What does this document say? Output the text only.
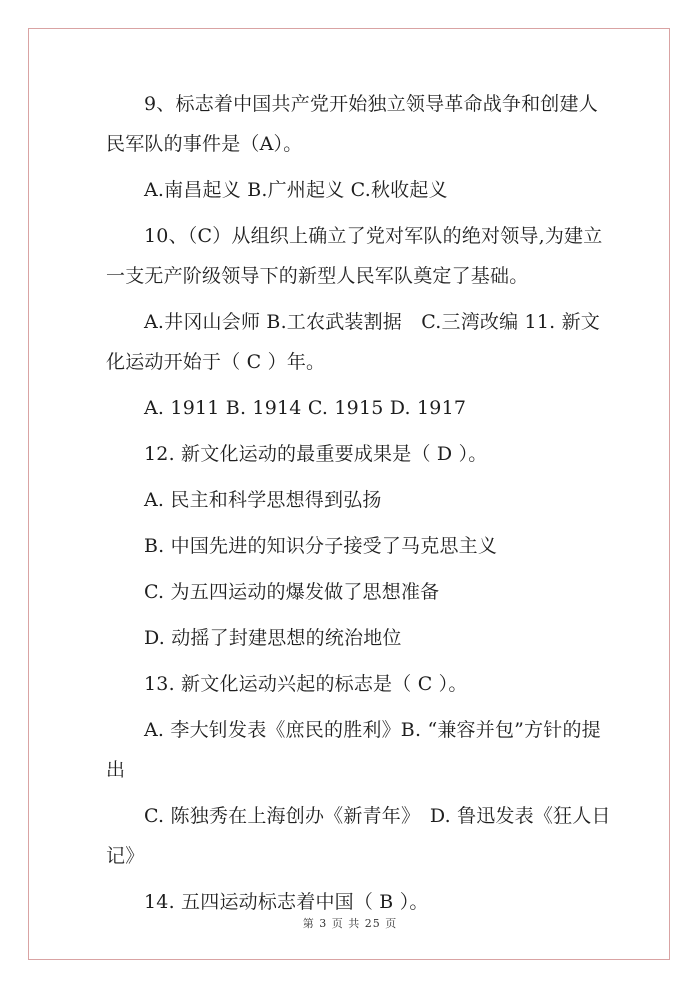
9、标志着中国共产党开始独立领导革命战争和创建人民军队的事件是（A）。

A.南昌起义 B.广州起义 C.秋收起义

10、（C）从组织上确立了党对军队的绝对领导,为建立一支无产阶级领导下的新型人民军队奠定了基础。

A.井冈山会师 B.工农武装割据　C.三湾改编 11. 新文化运动开始于（ C ）年。

A. 1911 B. 1914 C. 1915 D. 1917

12. 新文化运动的最重要成果是（ D ）。

A. 民主和科学思想得到弘扬

B. 中国先进的知识分子接受了马克思主义

C. 为五四运动的爆发做了思想准备

D. 动摇了封建思想的统治地位

13. 新文化运动兴起的标志是（ C ）。

A. 李大钊发表《庶民的胜利》B. “兼容并包”方针的提出

C. 陈独秀在上海创办《新青年》　D. 鲁迅发表《狂人日记》

14. 五四运动标志着中国（ B ）。

第 3 页 共 25 页
